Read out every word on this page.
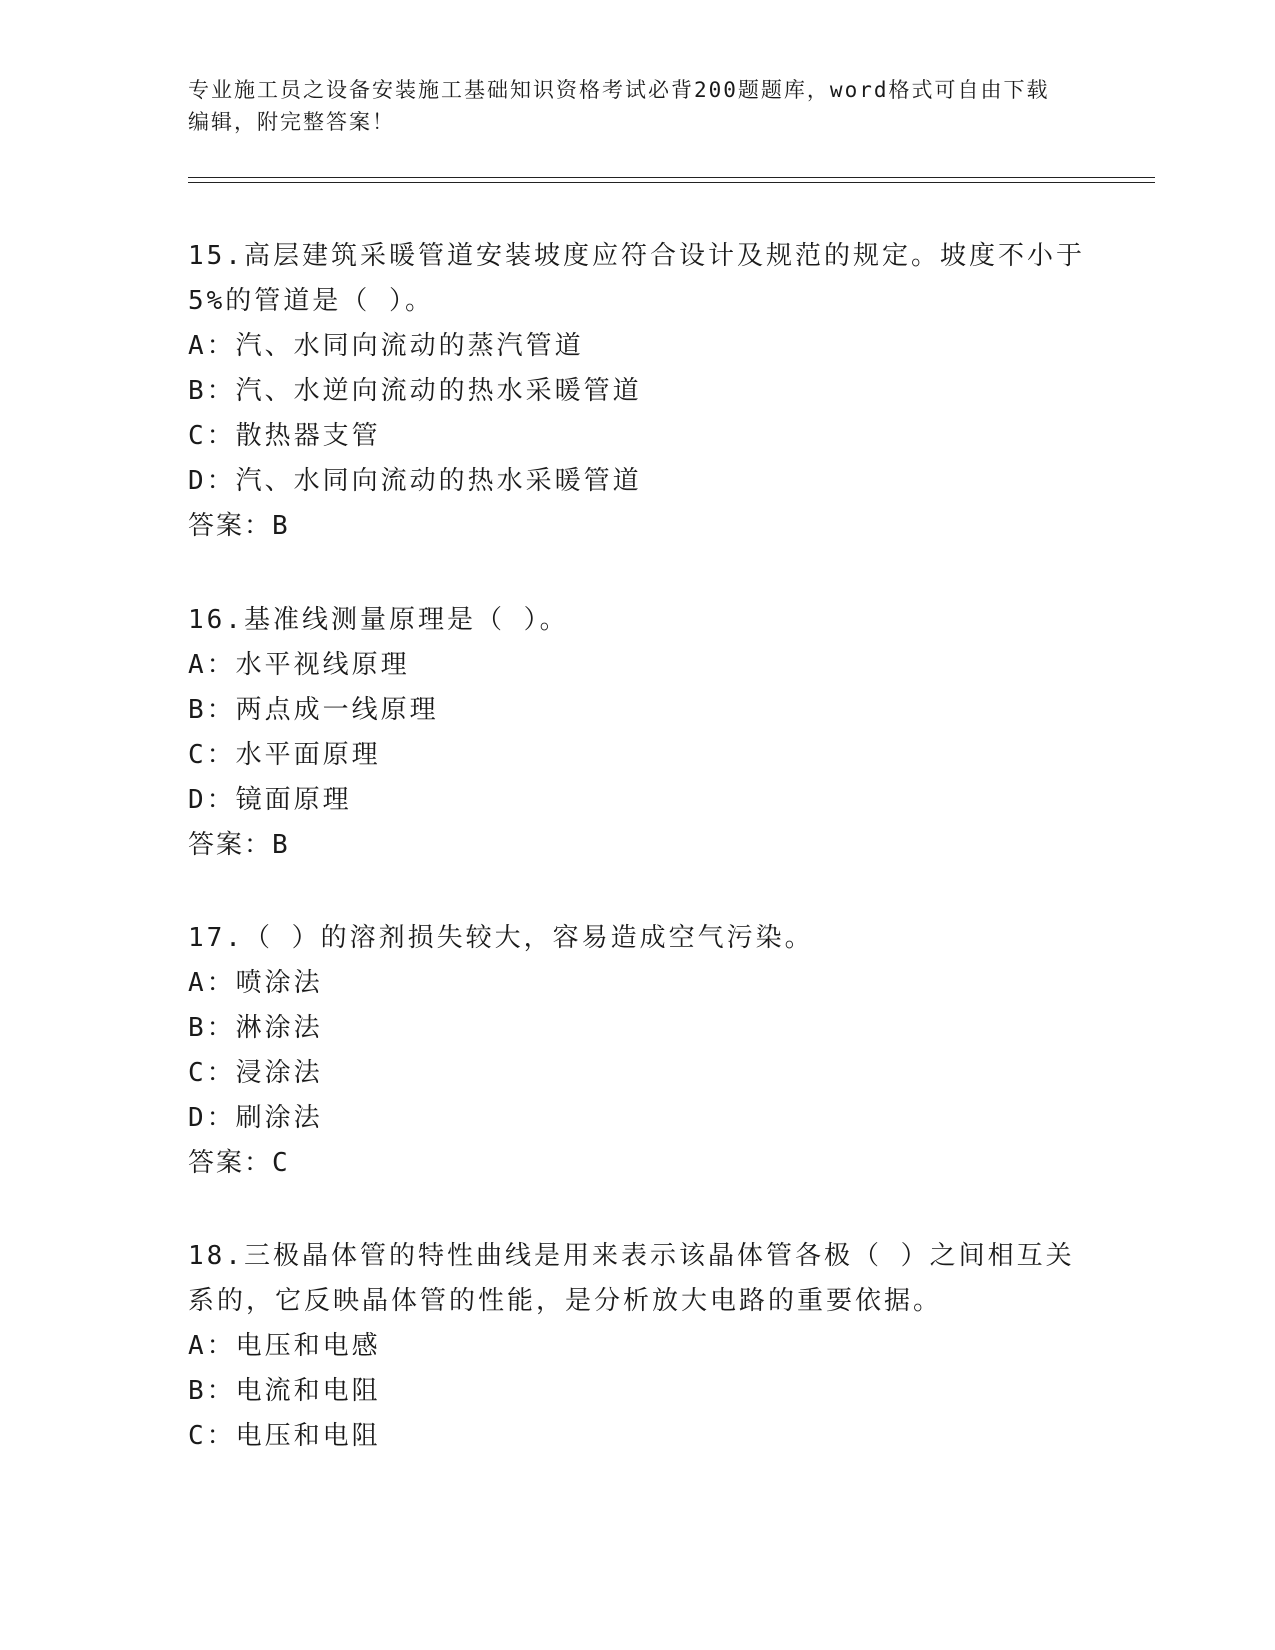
专业施工员之设备安装施工基础知识资格考试必背200题题库，word格式可自由下载编辑，附完整答案！
15.高层建筑采暖管道安装坡度应符合设计及规范的规定。坡度不小于5%的管道是（ ）。
A：汽、水同向流动的蒸汽管道
B：汽、水逆向流动的热水采暖管道
C：散热器支管
D：汽、水同向流动的热水采暖管道
答案：B
16.基准线测量原理是（ ）。
A：水平视线原理
B：两点成一线原理
C：水平面原理
D：镜面原理
答案：B
17.（ ）的溶剂损失较大，容易造成空气污染。
A：喷涂法
B：淋涂法
C：浸涂法
D：刷涂法
答案：C
18.三极晶体管的特性曲线是用来表示该晶体管各极（ ）之间相互关系的，它反映晶体管的性能，是分析放大电路的重要依据。
A：电压和电感
B：电流和电阻
C：电压和电阻
